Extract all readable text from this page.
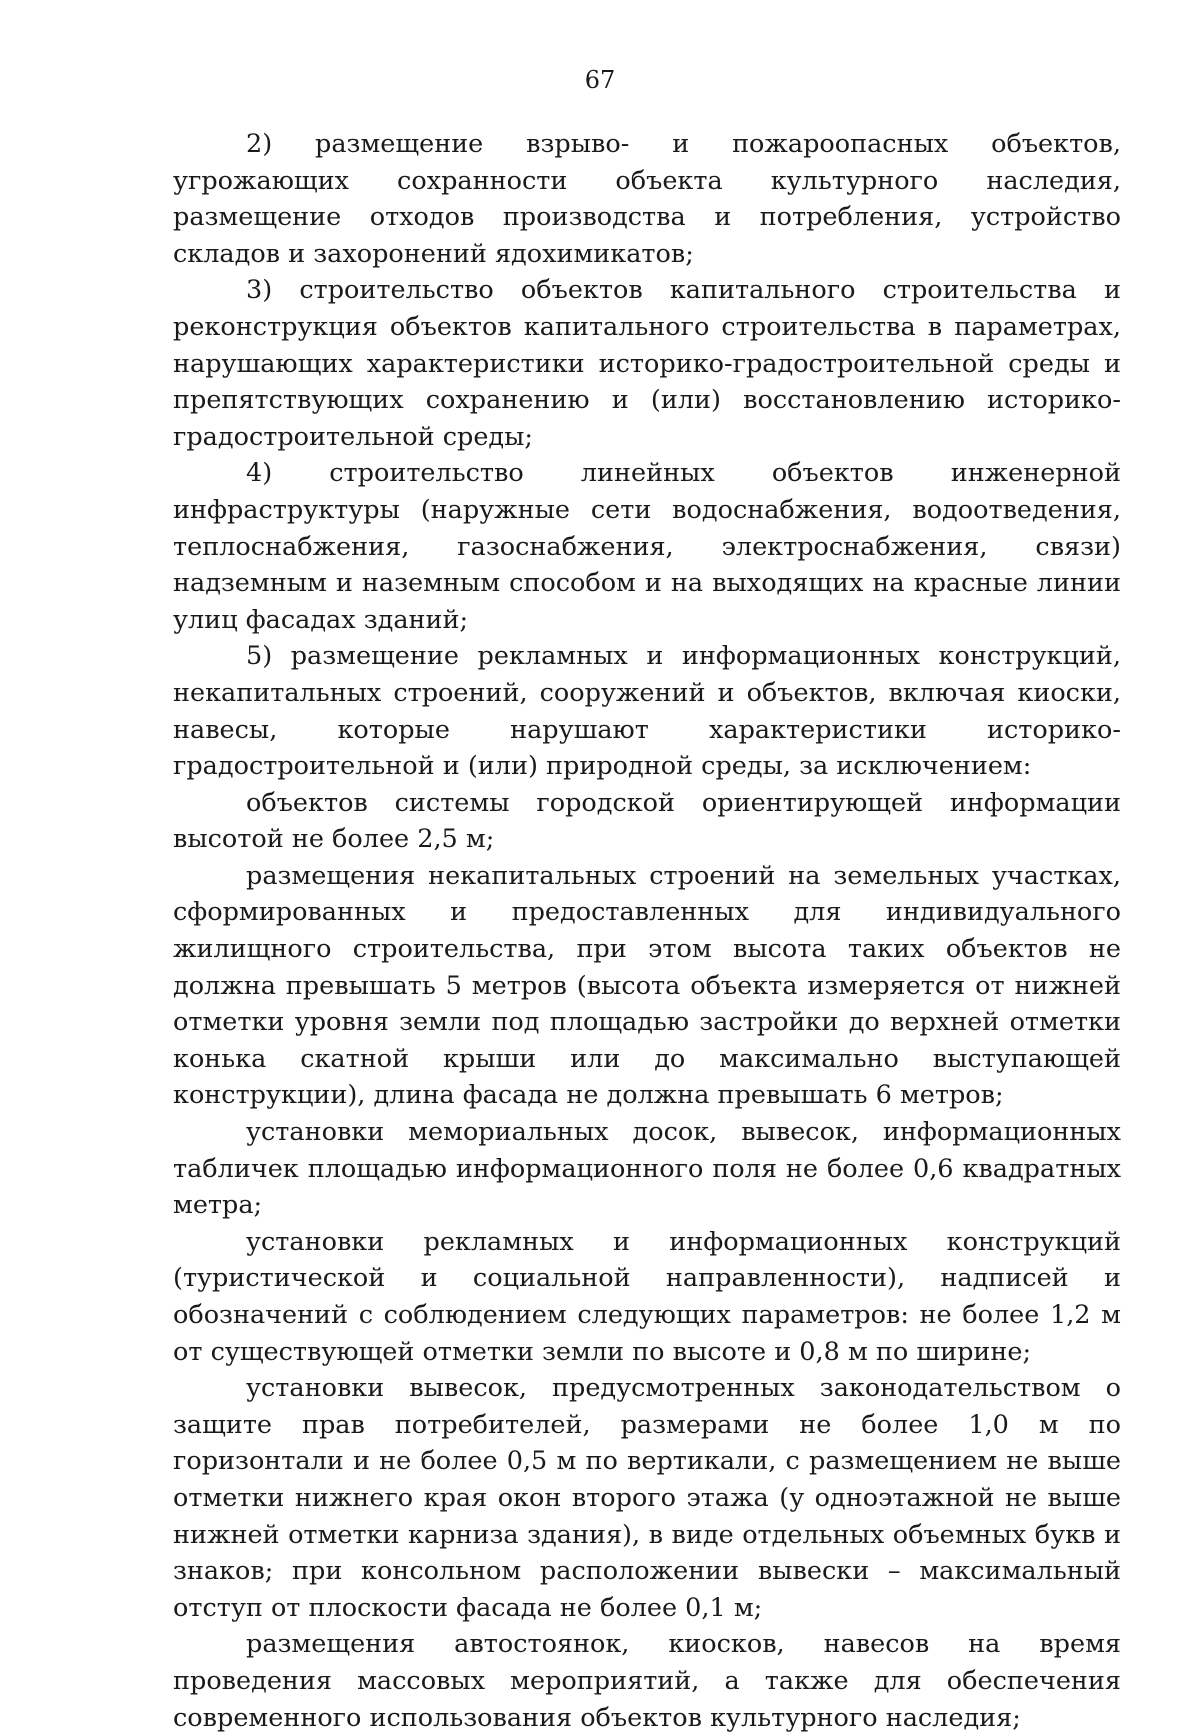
67

2) размещение взрыво- и пожароопасных объектов, угрожающих сохранности объекта культурного наследия, размещение отходов производства и потребления, устройство складов и захоронений ядохимикатов;

3) строительство объектов капитального строительства и реконструкция объектов капитального строительства в параметрах, нарушающих характеристики историко-градостроительной среды и препятствующих сохранению и (или) восстановлению историко-градостроительной среды;

4) строительство линейных объектов инженерной инфраструктуры (наружные сети водоснабжения, водоотведения, теплоснабжения, газоснабжения, электроснабжения, связи) надземным и наземным способом и на выходящих на красные линии улиц фасадах зданий;

5) размещение рекламных и информационных конструкций, некапитальных строений, сооружений и объектов, включая киоски, навесы, которые нарушают характеристики историко-градостроительной и (или) природной среды, за исключением:

объектов системы городской ориентирующей информации высотой не более 2,5 м;

размещения некапитальных строений на земельных участках, сформированных и предоставленных для индивидуального жилищного строительства, при этом высота таких объектов не должна превышать 5 метров (высота объекта измеряется от нижней отметки уровня земли под площадью застройки до верхней отметки конька скатной крыши или до максимально выступающей конструкции), длина фасада не должна превышать 6 метров;

установки мемориальных досок, вывесок, информационных табличек площадью информационного поля не более 0,6 квадратных метра;

установки рекламных и информационных конструкций (туристической и социальной направленности), надписей и обозначений с соблюдением следующих параметров: не более 1,2 м от существующей отметки земли по высоте и 0,8 м по ширине;

установки вывесок, предусмотренных законодательством о защите прав потребителей, размерами не более 1,0 м по горизонтали и не более 0,5 м по вертикали, с размещением не выше отметки нижнего края окон второго этажа (у одноэтажной не выше нижней отметки карниза здания), в виде отдельных объемных букв и знаков; при консольном расположении вывески – максимальный отступ от плоскости фасада не более 0,1 м;

размещения автостоянок, киосков, навесов на время проведения массовых мероприятий, а также для обеспечения современного использования объектов культурного наследия;
